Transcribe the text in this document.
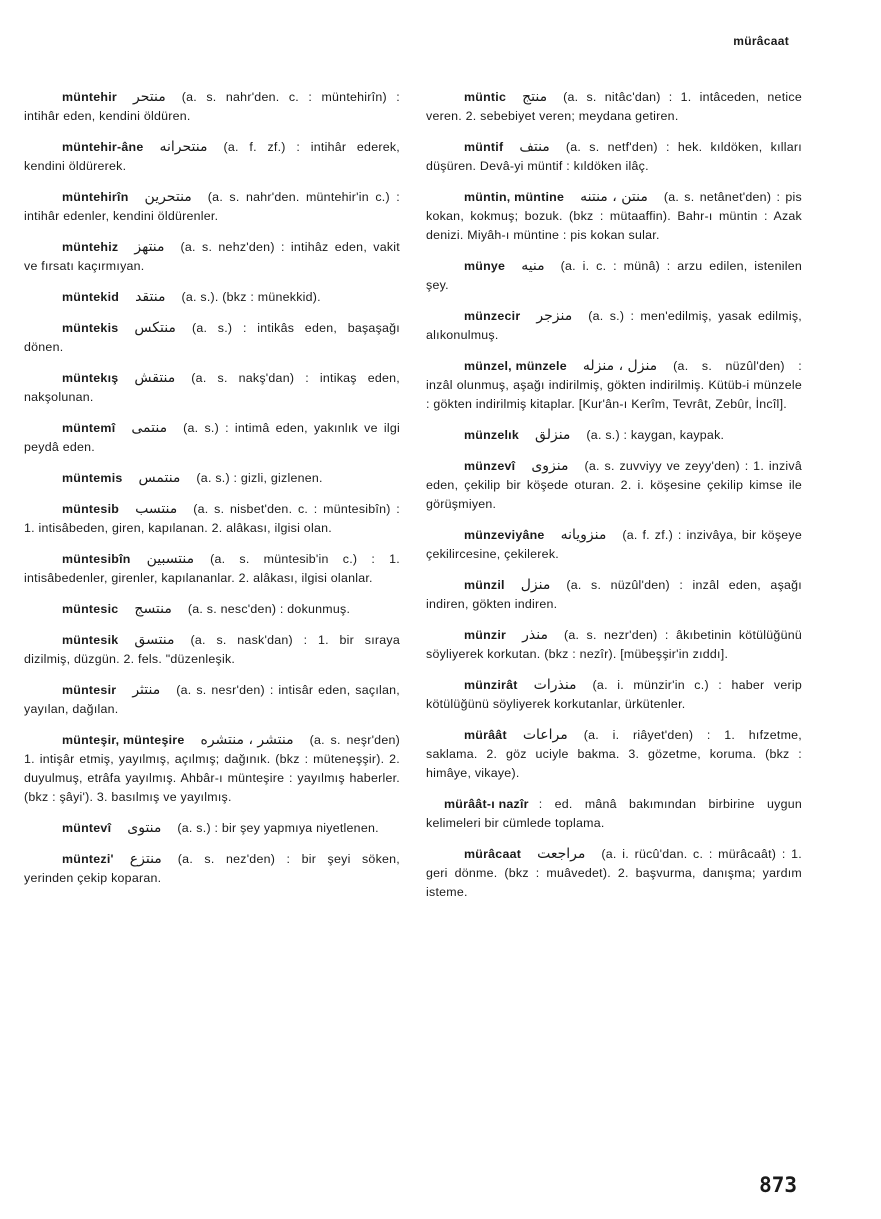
mürâcaat
müntehir منتحر (a. s. nahr'den. c. : müntehirîn) : intihâr eden, kendini öldüren.
müntehir-âne منتحرانه (a. f. zf.) : intihâr ederek, kendini öldürerek.
müntehirîn منتحرين (a. s. nahr'den. müntehir'in c.) : intihâr edenler, kendini öldürenler.
müntehiz منتهز (a. s. nehz'den) : intihâz eden, vakit ve fırsatı kaçırmıyan.
müntekid منتقد (a. s.). (bkz : münekkid).
müntekis منتكس (a. s.) : intikâs eden, başaşağı dönen.
müntekış منتقش (a. s. nakş'dan) : intikaş eden, nakşolunan.
müntemî منتمى (a. s.) : intimâ eden, yakınlık ve ilgi peydâ eden.
müntemis منتمس (a. s.) : gizli, gizlenen.
müntesib منتسب (a. s. nisbet'den. c. : müntesibîn) : 1. intisâbeden, giren, kapılanan. 2. alâkası, ilgisi olan.
müntesibîn منتسبين (a. s. müntesib'in c.) : 1. intisâbedenler, girenler, kapılananlar. 2. alâkası, ilgisi olanlar.
müntesic منتسج (a. s. nesc'den) : dokunmuş.
müntesik منتسق (a. s. nask'dan) : 1. bir sıraya dizilmiş, düzgün. 2. fels. "düzenleşik.
müntesir منتثر (a. s. nesr'den) : intisâr eden, saçılan, yayılan, dağılan.
münteşir, münteşire منتشر ، منتشره (a. s. neşr'den) 1. intişâr etmiş, yayılmış, açılmış; dağınık. (bkz : müteneşşir). 2. duyulmuş, etrâfa yayılmış. Ahbâr-ı münteşire : yayılmış haberler. (bkz : şâyi'). 3. basılmış ve yayılmış.
müntevî منتوى (a. s.) : bir şey yapmıya niyetlenen.
müntezi' منتزع (a. s. nez'den) : bir şeyi söken, yerinden çekip koparan.
müntic منتج (a. s. nitâc'dan) : 1. intâceden, netice veren. 2. sebebiyet veren; meydana getiren.
müntif منتف (a. s. netf'den) : hek. kıldöken, kılları düşüren. Devâ-yi müntif : kıldöken ilâç.
müntin, müntine منتن ، منتنه (a. s. netânet'den) : pis kokan, kokmuş; bozuk. (bkz : mütaaffin). Bahr-ı müntin : Azak denizi. Miyâh-ı müntine : pis kokan sular.
münye منيه (a. i. c. : münâ) : arzu edilen, istenilen şey.
münzecir منزجر (a. s.) : men'edilmiş, yasak edilmiş, alıkonulmuş.
münzel, münzele منزل ، منزله (a. s. nüzûl'den) : inzâl olunmuş, aşağı indirilmiş, gökten indirilmiş. Kütüb-i münzele : gökten indirilmiş kitaplar. [Kur'ân-ı Kerîm, Tevrât, Zebûr, İncîl].
münzelık منزلق (a. s.) : kaygan, kaypak.
münzevî منزوى (a. s. zuvviyy ve zeyy'den) : 1. inzivâ eden, çekilip bir köşede oturan. 2. i. köşesine çekilip kimse ile görüşmiyen.
münzeviyâne منزويانه (a. f. zf.) : inzivâya, bir köşeye çekilircesine, çekilerek.
münzil منزل (a. s. nüzûl'den) : inzâl eden, aşağı indiren, gökten indiren.
münzir منذر (a. s. nezr'den) : âkıbetinin kötülüğünü söyliyerek korkutan. (bkz : nezîr). [mübeşşir'in zıddı].
münzirât منذرات (a. i. münzir'in c.) : haber verip kötülüğünü söyliyerek korkutanlar, ürkütenler.
mürâât مراعات (a. i. riâyet'den) : 1. hıfzetme, saklama. 2. göz uciyle bakma. 3. gözetme, koruma. (bkz : himâye, vikaye).
mürâât-ı nazîr : ed. mânâ bakımından birbirine uygun kelimeleri bir cümlede toplama.
mürâcaat مراجعت (a. i. rücû'dan. c. : mürâcaât) : 1. geri dönme. (bkz : muâvedet). 2. başvurma, danışma; yardım isteme.
873
